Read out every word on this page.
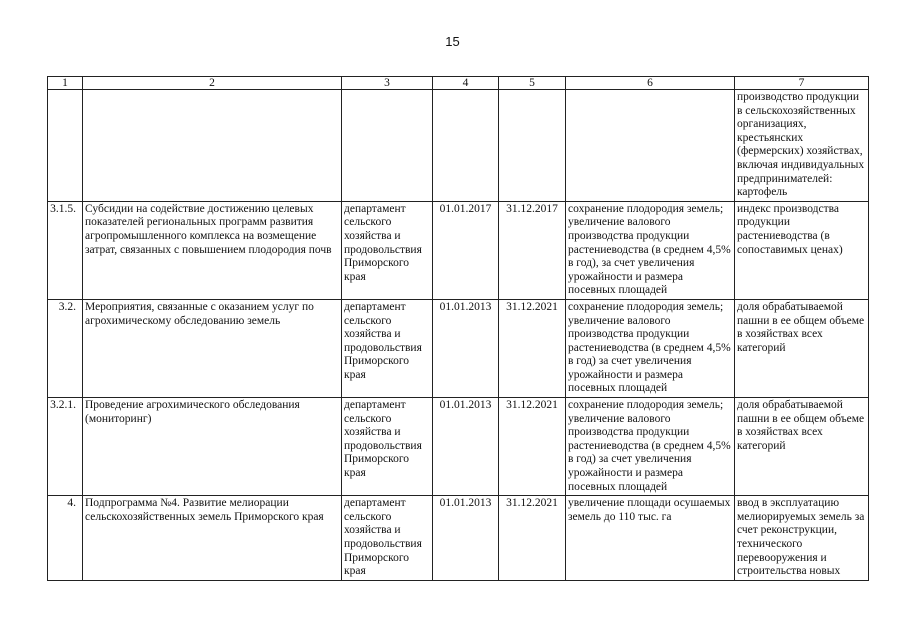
15
1	2	3	4	5	6	7
						производство продукции в сельскохозяйственных организациях, крестьянских (фермерских) хозяйствах, включая индивидуальных предпринимателей: картофель
3.1.5.	Субсидии на содействие достижению целевых показателей региональных программ развития агропромышленного комплекса на возмещение затрат, связанных с повышением плодородия почв	департамент сельского хозяйства и продовольствия Приморского края	01.01.2017	31.12.2017	сохранение плодородия земель; увеличение валового производства продукции растениеводства (в среднем 4,5% в год), за счет увеличения урожайности и размера посевных площадей	индекс производства продукции растениеводства (в сопоставимых ценах)
3.2.	Мероприятия, связанные с оказанием услуг по агрохимическому обследованию земель	департамент сельского хозяйства и продовольствия Приморского края	01.01.2013	31.12.2021	сохранение плодородия земель; увеличение валового производства продукции растениеводства (в среднем 4,5% в год) за счет увеличения урожайности и размера посевных площадей	доля обрабатываемой пашни в ее общем объеме в хозяйствах всех категорий
3.2.1.	Проведение агрохимического обследования (мониторинг)	департамент сельского хозяйства и продовольствия Приморского края	01.01.2013	31.12.2021	сохранение плодородия земель; увеличение валового производства продукции растениеводства (в среднем 4,5% в год) за счет увеличения урожайности и размера посевных площадей	доля обрабатываемой пашни в ее общем объеме в хозяйствах всех категорий
4.	Подпрограмма №4. Развитие мелиорации сельскохозяйственных земель Приморского края	департамент сельского хозяйства и продовольствия Приморского края	01.01.2013	31.12.2021	увеличение площади осушаемых земель до 110 тыс. га	ввод в эксплуатацию мелиорируемых земель за счет реконструкции, технического перевооружения и строительства новых
